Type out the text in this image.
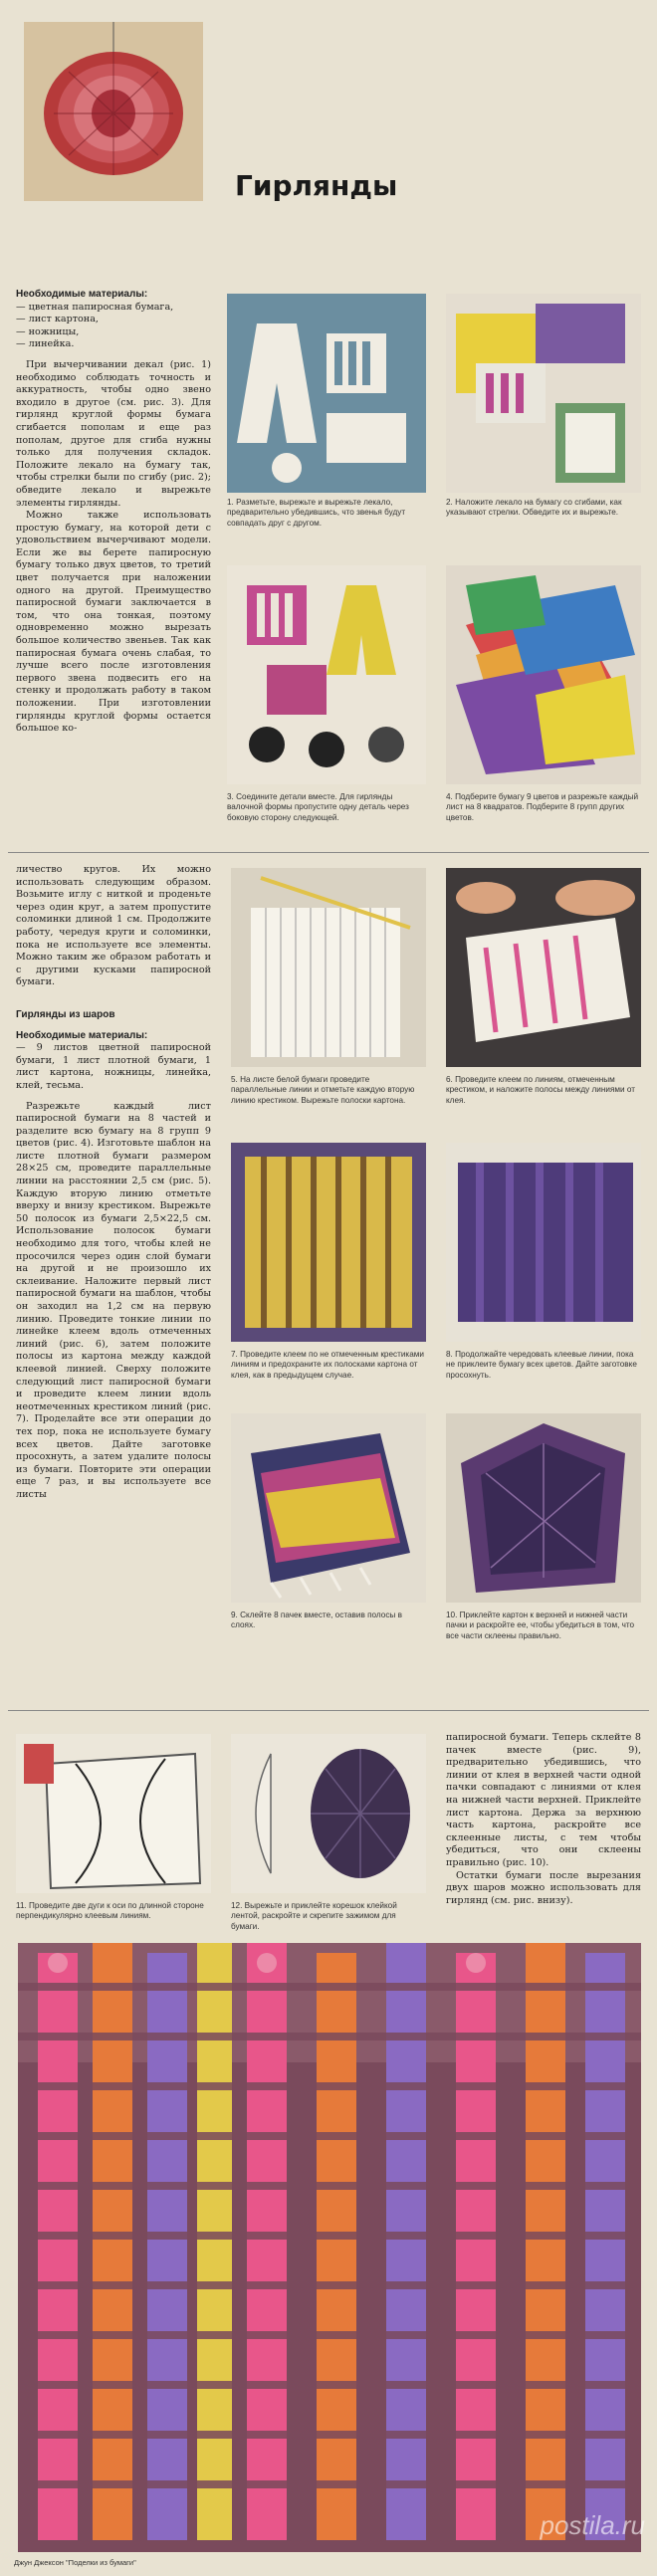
Гирлянды

Необходимые материалы:

— цветная папиросная бумага,
— лист картона,
— ножницы,
— линейка.

При вычерчивании декал (рис. 1) необходимо соблюдать точность и аккуратность, чтобы одно звено входило в другое (см. рис. 3). Для гирлянд круглой формы бумага сгибается пополам и еще раз пополам, другое для сгиба нужны только для получения складок. Положите лекало на бумагу так, чтобы стрелки были по сгибу (рис. 2); обведите лекало и вырежьте элементы гирлянды.

Можно также использовать простую бумагу, на которой дети с удовольствием вычерчивают модели. Если же вы берете папиросную бумагу только двух цветов, то третий цвет получается при наложении одного на другой. Преимущество папиросной бумаги заключается в том, что она тонкая, поэтому одновременно можно вырезать большое количество звеньев. Так как папиросная бумага очень слабая, то лучше всего после изготовления первого звена подвесить его на стенку и продолжать работу в таком положении. При изготовлении гирлянды круглой формы остается большое ко-

1. Разметьте, вырежьте и вырежьте лекало, предварительно убедившись, что звенья будут совпадать друг с другом.
2. Наложите лекало на бумагу со сгибами, как указывают стрелки. Обведите их и вырежьте.
3. Соедините детали вместе. Для гирлянды валочной формы пропустите одну деталь через боковую сторону следующей.
4. Подберите бумагу 9 цветов и разрежьте каждый лист на 8 квадратов. Подберите 8 групп других цветов.

личество кругов. Их можно использовать следующим образом. Возьмите иглу с ниткой и проденьте через один круг, а затем пропустите соломинки длиной 1 см. Продолжите работу, чередуя круги и соломинки, пока не используете все элементы. Можно таким же образом работать и с другими кусками папиросной бумаги.

Гирлянды из шаров

Необходимые материалы:

— 9 листов цветной папиросной бумаги, 1 лист плотной бумаги, 1 лист картона, ножницы, линейка, клей, тесьма.

Разрежьте каждый лист папиросной бумаги на 8 частей и разделите всю бумагу на 8 групп 9 цветов (рис. 4). Изготовьте шаблон на листе плотной бумаги размером 28×25 см, проведите параллельные линии на расстоянии 2,5 см (рис. 5). Каждую вторую линию отметьте вверху и внизу крестиком. Вырежьте 50 полосок из бумаги 2,5×22,5 см. Использование полосок бумаги необходимо для того, чтобы клей не просочился через один слой бумаги на другой и не произошло их склеивание. Наложите первый лист папиросной бумаги на шаблон, чтобы он заходил на 1,2 см на первую линию. Проведите тонкие линии по линейке клеем вдоль отмеченных линий (рис. 6), затем положите полосы из картона между каждой клеевой линией. Сверху положите следующий лист папиросной бумаги и проведите клеем линии вдоль неотмеченных крестиком линий (рис. 7). Проделайте все эти операции до тех пор, пока не используете бумагу всех цветов. Дайте заготовке просохнуть, а затем удалите полосы из бумаги. Повторите эти операции еще 7 раз, и вы используете все листы

5. На листе белой бумаги проведите параллельные линии и отметьте каждую вторую линию крестиком. Вырежьте полоски картона.
6. Проведите клеем по линиям, отмеченным крестиком, и наложите полосы между линиями от клея.
7. Проведите клеем по не отмеченным крестиками линиям и предохраните их полосками картона от клея, как в предыдущем случае.
8. Продолжайте чередовать клеевые линии, пока не приклеите бумагу всех цветов. Дайте заготовке просохнуть.
9. Склейте 8 пачек вместе, оставив полосы в слоях.
10. Приклейте картон к верхней и нижней части пачки и раскройте ее, чтобы убедиться в том, что все части склеены правильно.
11. Проведите две дуги к оси по длинной стороне перпендикулярно клеевым линиям.
12. Вырежьте и приклейте корешок клейкой лентой, раскройте и скрепите зажимом для бумаги.

папиросной бумаги. Теперь склейте 8 пачек вместе (рис. 9), предварительно убедившись, что линии от клея в верхней части одной пачки совпадают с линиями от клея на нижней части верхней. Приклейте лист картона. Держа за верхнюю часть картона, раскройте все склеенные листы, с тем чтобы убедиться, что они склеены правильно (рис. 10).

Остатки бумаги после вырезания двух шаров можно использовать для гирлянд (см. рис. внизу).

postila.ru
Джун Джексон "Поделки из бумаги"
